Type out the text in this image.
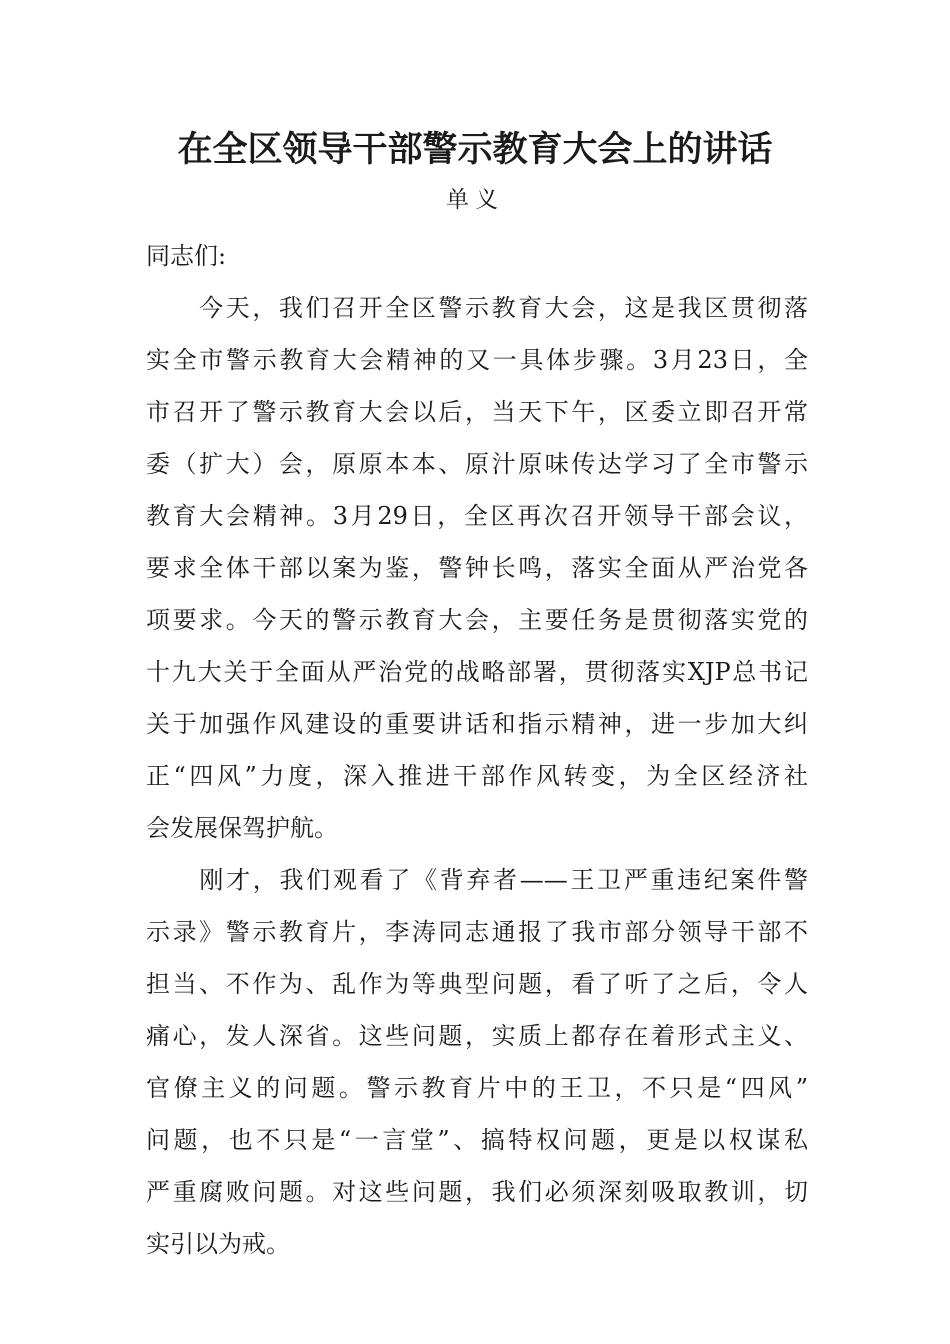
在全区领导干部警示教育大会上的讲话
单义
同志们:
　　今天，我们召开全区警示教育大会，这是我区贯彻落
实全市警示教育大会精神的又一具体步骤。3月23日，全
市召开了警示教育大会以后，当天下午，区委立即召开常
委（扩大）会，原原本本、原汁原味传达学习了全市警示
教育大会精神。3月29日，全区再次召开领导干部会议，
要求全体干部以案为鉴，警钟长鸣，落实全面从严治党各
项要求。今天的警示教育大会，主要任务是贯彻落实党的
十九大关于全面从严治党的战略部署，贯彻落实XJP总书记
关于加强作风建设的重要讲话和指示精神，进一步加大纠
正“四风”力度，深入推进干部作风转变，为全区经济社
会发展保驾护航。
　　刚才，我们观看了《背弃者——王卫严重违纪案件警
示录》警示教育片，李涛同志通报了我市部分领导干部不
担当、不作为、乱作为等典型问题，看了听了之后，令人
痛心，发人深省。这些问题，实质上都存在着形式主义、
官僚主义的问题。警示教育片中的王卫，不只是“四风”
问题，也不只是“一言堂”、搞特权问题，更是以权谋私
严重腐败问题。对这些问题，我们必须深刻吸取教训，切
实引以为戒。
